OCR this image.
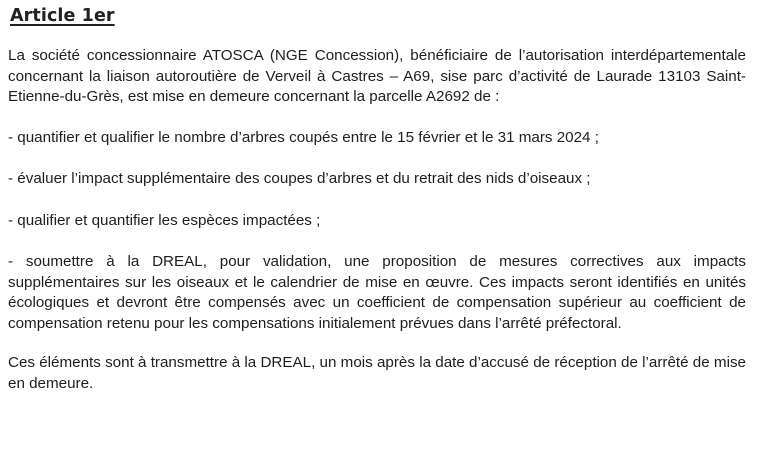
Article 1er

La société concessionnaire ATOSCA (NGE Concession), bénéficiaire de l’autorisation interdépartementale concernant la liaison autoroutière de Verveil à Castres – A69, sise parc d’activité de Laurade 13103 Saint-Etienne-du-Grès, est mise en demeure concernant la parcelle A2692 de :

- quantifier et qualifier le nombre d’arbres coupés entre le 15 février et le 31 mars 2024 ;

- évaluer l’impact supplémentaire des coupes d’arbres et du retrait des nids d’oiseaux ;

- qualifier et quantifier les espèces impactées ;

- soumettre à la DREAL, pour validation, une proposition de mesures correctives aux impacts supplémentaires sur les oiseaux et le calendrier de mise en œuvre. Ces impacts seront identifiés en unités écologiques et devront être compensés avec un coefficient de compensation supérieur au coefficient de compensation retenu pour les compensations initialement prévues dans l’arrêté préfectoral.

Ces éléments sont à transmettre à la DREAL, un mois après la date d’accusé de réception de l’arrêté de mise en demeure.
